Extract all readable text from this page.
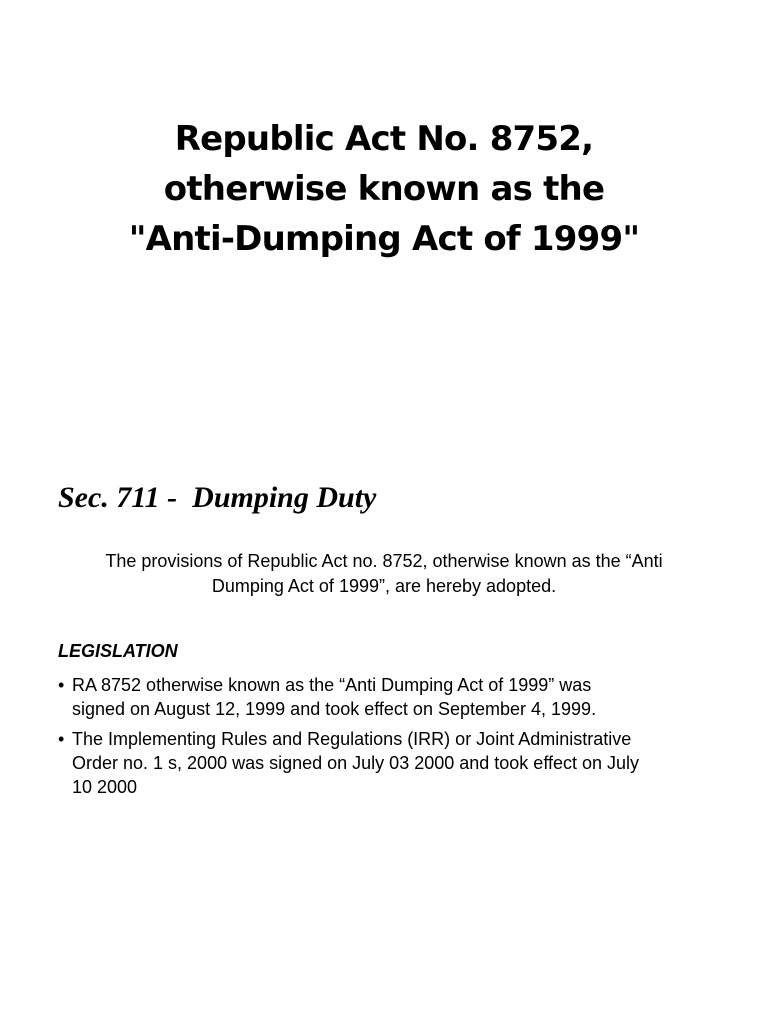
Republic Act No. 8752,
otherwise known as the
"Anti-Dumping Act of 1999"
Sec. 711 -  Dumping Duty
The provisions of Republic Act no. 8752, otherwise known as the “Anti
Dumping Act of 1999”, are hereby adopted.
LEGISLATION
• RA 8752 otherwise known as the “Anti Dumping Act of 1999” was
signed on August 12, 1999 and took effect on September 4, 1999.
• The Implementing Rules and Regulations (IRR) or Joint Administrative
Order no. 1 s, 2000 was signed on July 03 2000 and took effect on July
10 2000
